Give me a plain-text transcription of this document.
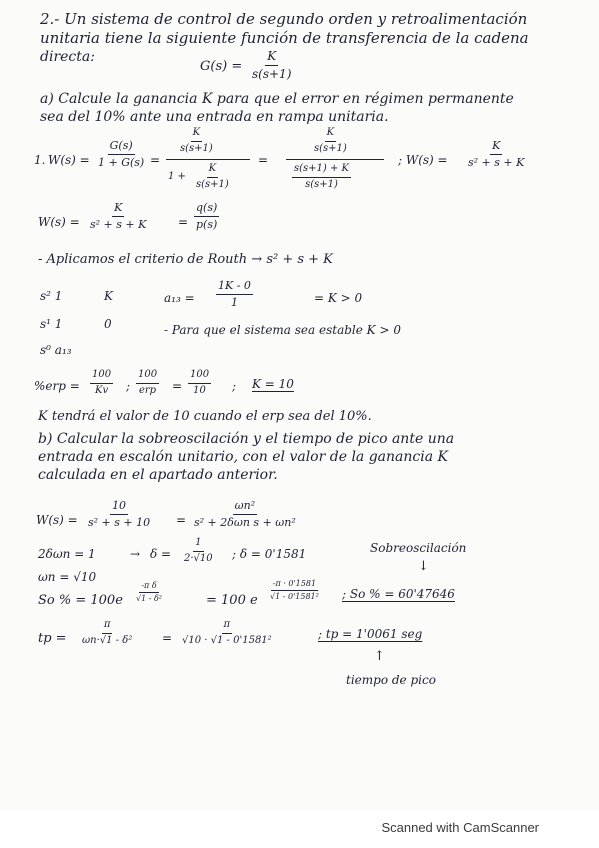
2.- Un sistema de control de segundo orden y retroalimentación
unitaria tiene la siguiente función de transferencia de la cadena
directa:
$G(s) = \frac{K}{s(s+1)}$
a) Calcule la ganancia K para que el error en régimen permanente
sea del 10% ante una entrada en rampa unitaria.
1. $W(s) = \frac{G(s)}{1 + G(s)}$ =
$\frac{K}{s(s+1)}$
$1 + \frac{K}{s(s+1)}$
=
$\frac{K}{s(s+1)}$
$\frac{s(s+1) + K}{s(s+1)}$
; $W(s) = \frac{K}{\text{s² + s + K}}$
$W(s) = \frac{K}{\text{s² + s + K}} = \frac{q(s)}{p(s)}$
- Aplicamos el criterio de Routh → s² + s + K
s² 1	K
s¹ 1	0
s⁰ a₁₃
$a_{13} = \frac{1K - 0}{1}$	= K > 0
- Para que el sistema sea estable K > 0
$\%erp = \frac{100}{Kv}$ ;
100
erp = $\frac{100}{10}$ ; K = 10
K tendrá el valor de 10 cuando el erp sea del 10%.
b) Calcular la sobreoscilación y el tiempo de pico ante una
entrada en escalón unitario, con el valor de la ganancia K
calculada en el apartado anterior.
$W(s) = \frac{10}{\text{s² + s + 10}}$ =
ωn²
s² + 2δωn s + ωn²
2δωn = 1	→ $\delta = \frac{1}{2\cdot√10}$ ; δ = 0'1581	Sobreoscilación
↓
ωn = √10
So % = $100e \frac{\text{-π δ}}{\text{√1 - δ²}}$	= 100 e $\frac{-\pi \cdot 0'1581}{\text{√1 - 0'1581²}}$ ; So % = 60'47646
tp = $\frac{\pi}{\text{ωn·√1 - δ²}} = \frac{\pi}{\text{√10 · √1 - 0'1581²}}$	; tp = 1'0061 seg
↑
tiempo de pico
Scanned with CamScanner
